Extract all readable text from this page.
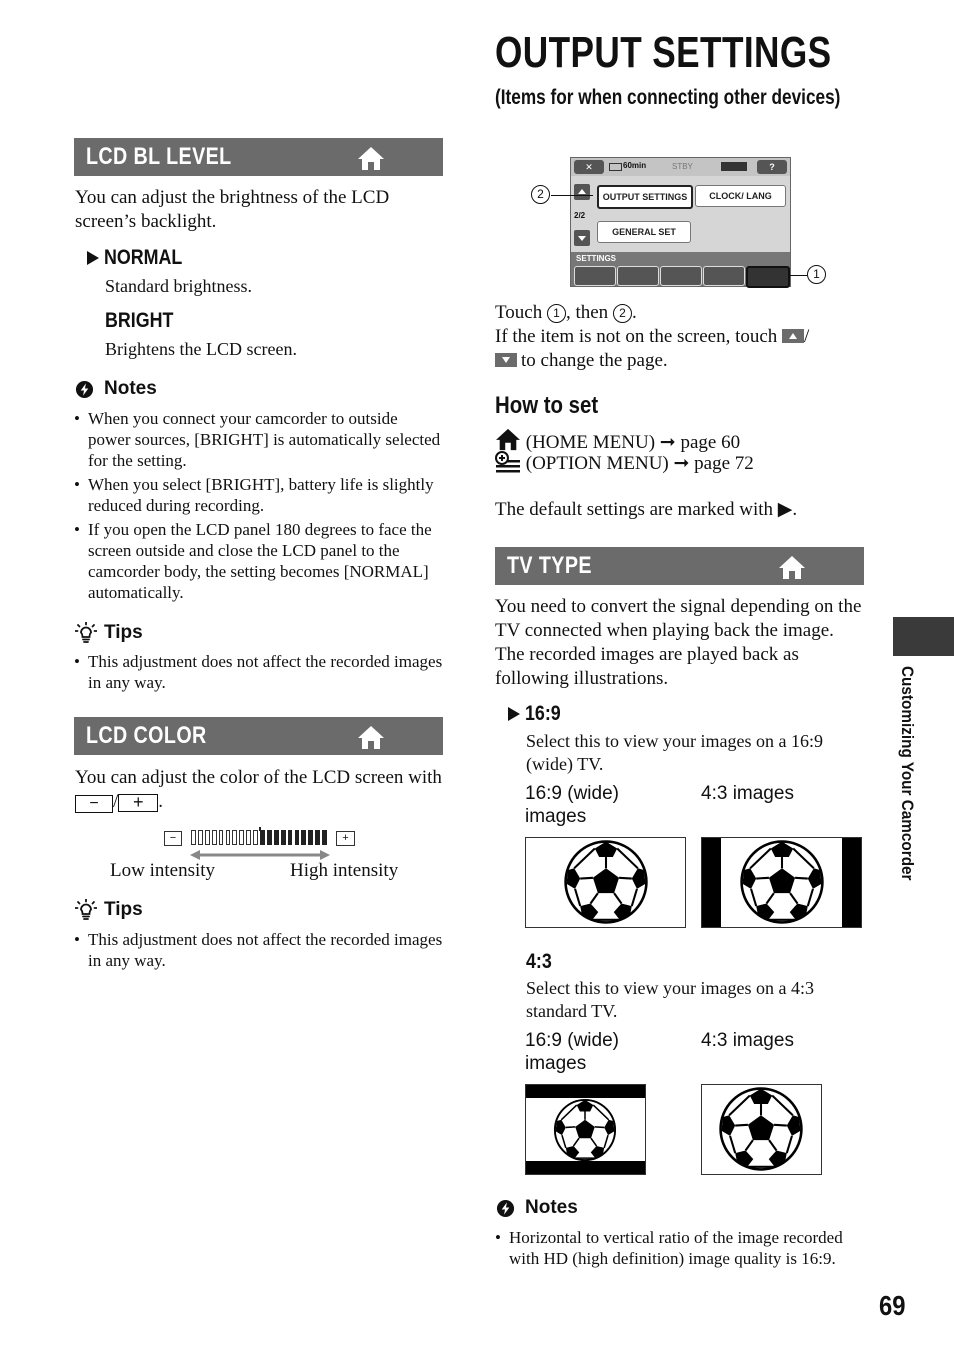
OUTPUT SETTINGS
(Items for when connecting other devices)
LCD BL LEVEL
You can adjust the brightness of the LCD screen’s backlight.
NORMAL
Standard brightness.
BRIGHT
Brightens the LCD screen.
Notes
• When you connect your camcorder to outside power sources, [BRIGHT] is automatically selected for the setting.
• When you select [BRIGHT], battery life is slightly reduced during recording.
• If you open the LCD panel 180 degrees to face the screen outside and close the LCD panel to the camcorder body, the setting becomes [NORMAL] automatically.
Tips
• This adjustment does not affect the recorded images in any way.
LCD COLOR
You can adjust the color of the LCD screen with − / + .
−	+
Low intensity	High intensity
Tips
• This adjustment does not affect the recorded images in any way.
✕	60min	STBY	?
2/2
OUTPUT SETTINGS	CLOCK/ LANG
GENERAL SET
SETTINGS
2
1
Touch 1 , then 2 .
If the item is not on the screen, touch /
to change the page.
How to set
(HOME MENU) ➞ page 60
(OPTION MENU) ➞ page 72
The default settings are marked with ▶.
TV TYPE
You need to convert the signal depending on the TV connected when playing back the image. The recorded images are played back as following illustrations.
16:9
Select this to view your images on a 16:9 (wide) TV.
16:9 (wide) images
4:3 images
4:3
Select this to view your images on a 4:3 standard TV.
16:9 (wide) images
4:3 images
Notes
• Horizontal to vertical ratio of the image recorded with HD (high definition) image quality is 16:9.
Customizing Your Camcorder
69
